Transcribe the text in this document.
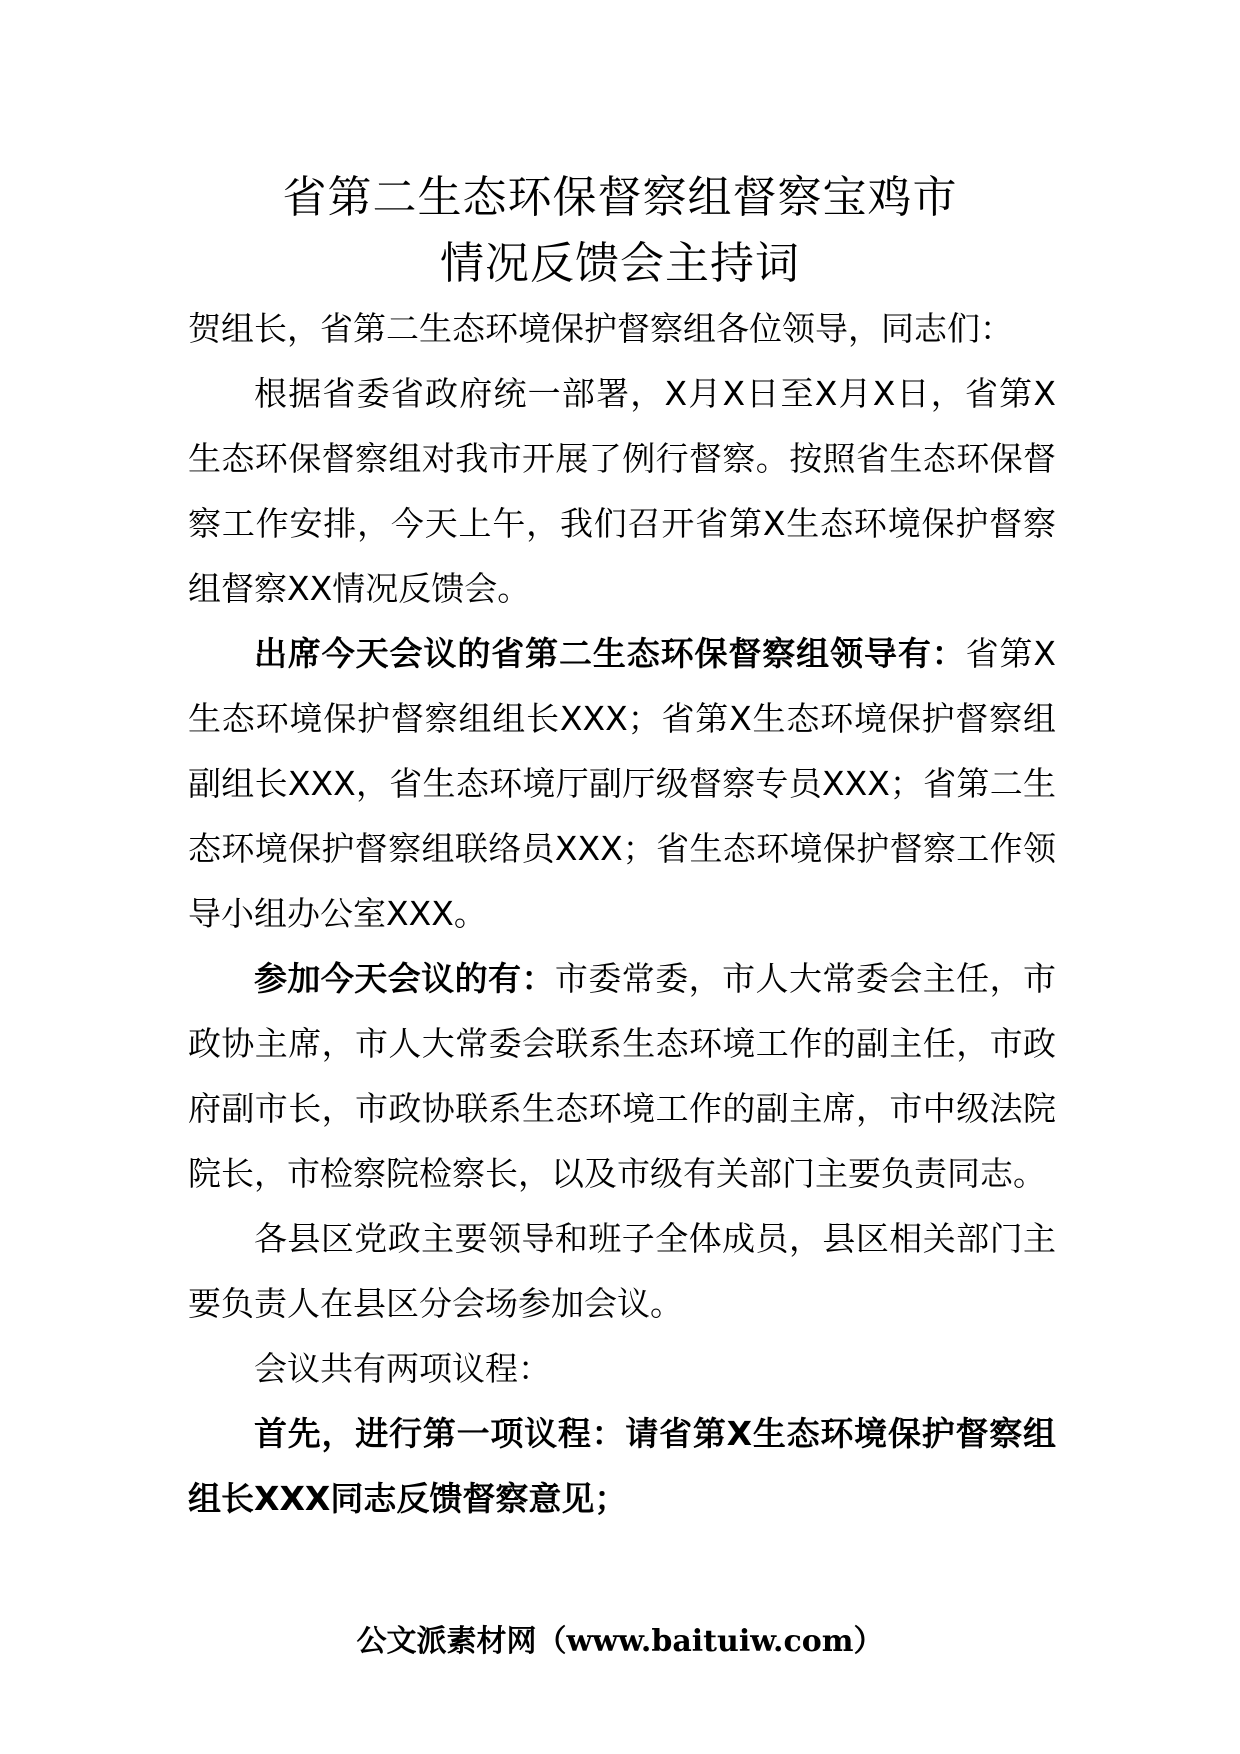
省第二生态环保督察组督察宝鸡市
情况反馈会主持词

贺组长，省第二生态环境保护督察组各位领导，同志们：

根据省委省政府统一部署，X月X日至X月X日，省第X生态环保督察组对我市开展了例行督察。按照省生态环保督察工作安排，今天上午，我们召开省第X生态环境保护督察组督察XX情况反馈会。

出席今天会议的省第二生态环保督察组领导有：省第X生态环境保护督察组组长XXX；省第X生态环境保护督察组副组长XXX，省生态环境厅副厅级督察专员XXX；省第二生态环境保护督察组联络员XXX；省生态环境保护督察工作领导小组办公室XXX。

参加今天会议的有：市委常委，市人大常委会主任，市政协主席，市人大常委会联系生态环境工作的副主任，市政府副市长，市政协联系生态环境工作的副主席，市中级法院院长，市检察院检察长，以及市级有关部门主要负责同志。

各县区党政主要领导和班子全体成员，县区相关部门主要负责人在县区分会场参加会议。

会议共有两项议程：

首先，进行第一项议程：请省第X生态环境保护督察组组长XXX同志反馈督察意见；

公文派素材网（www.baituiw.com）
